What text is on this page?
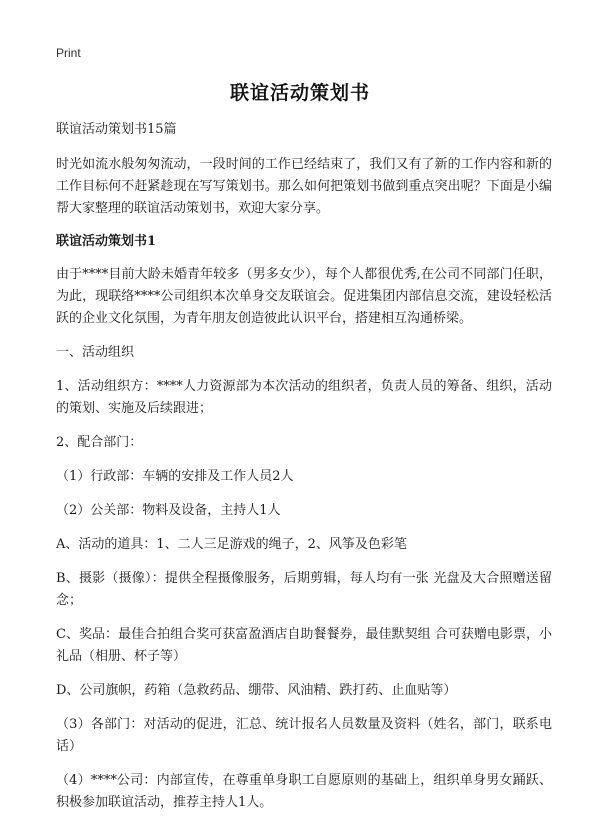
Print
联谊活动策划书
联谊活动策划书15篇

时光如流水般匆匆流动，一段时间的工作已经结束了，我们又有了新的工作内容和新的工作目标何不赶紧趁现在写写策划书。那么如何把策划书做到重点突出呢？下面是小编帮大家整理的联谊活动策划书，欢迎大家分享。

联谊活动策划书1

由于****目前大龄未婚青年较多（男多女少），每个人都很优秀,在公司不同部门任职，为此，现联络****公司组织本次单身交友联谊会。促进集团内部信息交流，建设轻松活跃的企业文化氛围，为青年朋友创造彼此认识平台，搭建相互沟通桥梁。

一、活动组织

1、活动组织方：****人力资源部为本次活动的组织者，负责人员的筹备、组织，活动的策划、实施及后续跟进；

2、配合部门：

（1）行政部：车辆的安排及工作人员2人

（2）公关部：物料及设备，主持人1人

A、活动的道具：1、二人三足游戏的绳子，2、风筝及色彩笔

B、摄影（摄像）：提供全程摄像服务，后期剪辑，每人均有一张 光盘及大合照赠送留念；

C、奖品：最佳合拍组合奖可获富盈酒店自助餐餐券，最佳默契组 合可获赠电影票，小礼品（相册、杯子等）

D、公司旗帜，药箱（急救药品、绷带、风油精、跌打药、止血贴等）

（3）各部门：对活动的促进，汇总、统计报名人员数量及资料（姓名，部门，联系电话）

（4）****公司：内部宣传，在尊重单身职工自愿原则的基础上，组织单身男女踊跃、积极参加联谊活动，推荐主持人1人。
